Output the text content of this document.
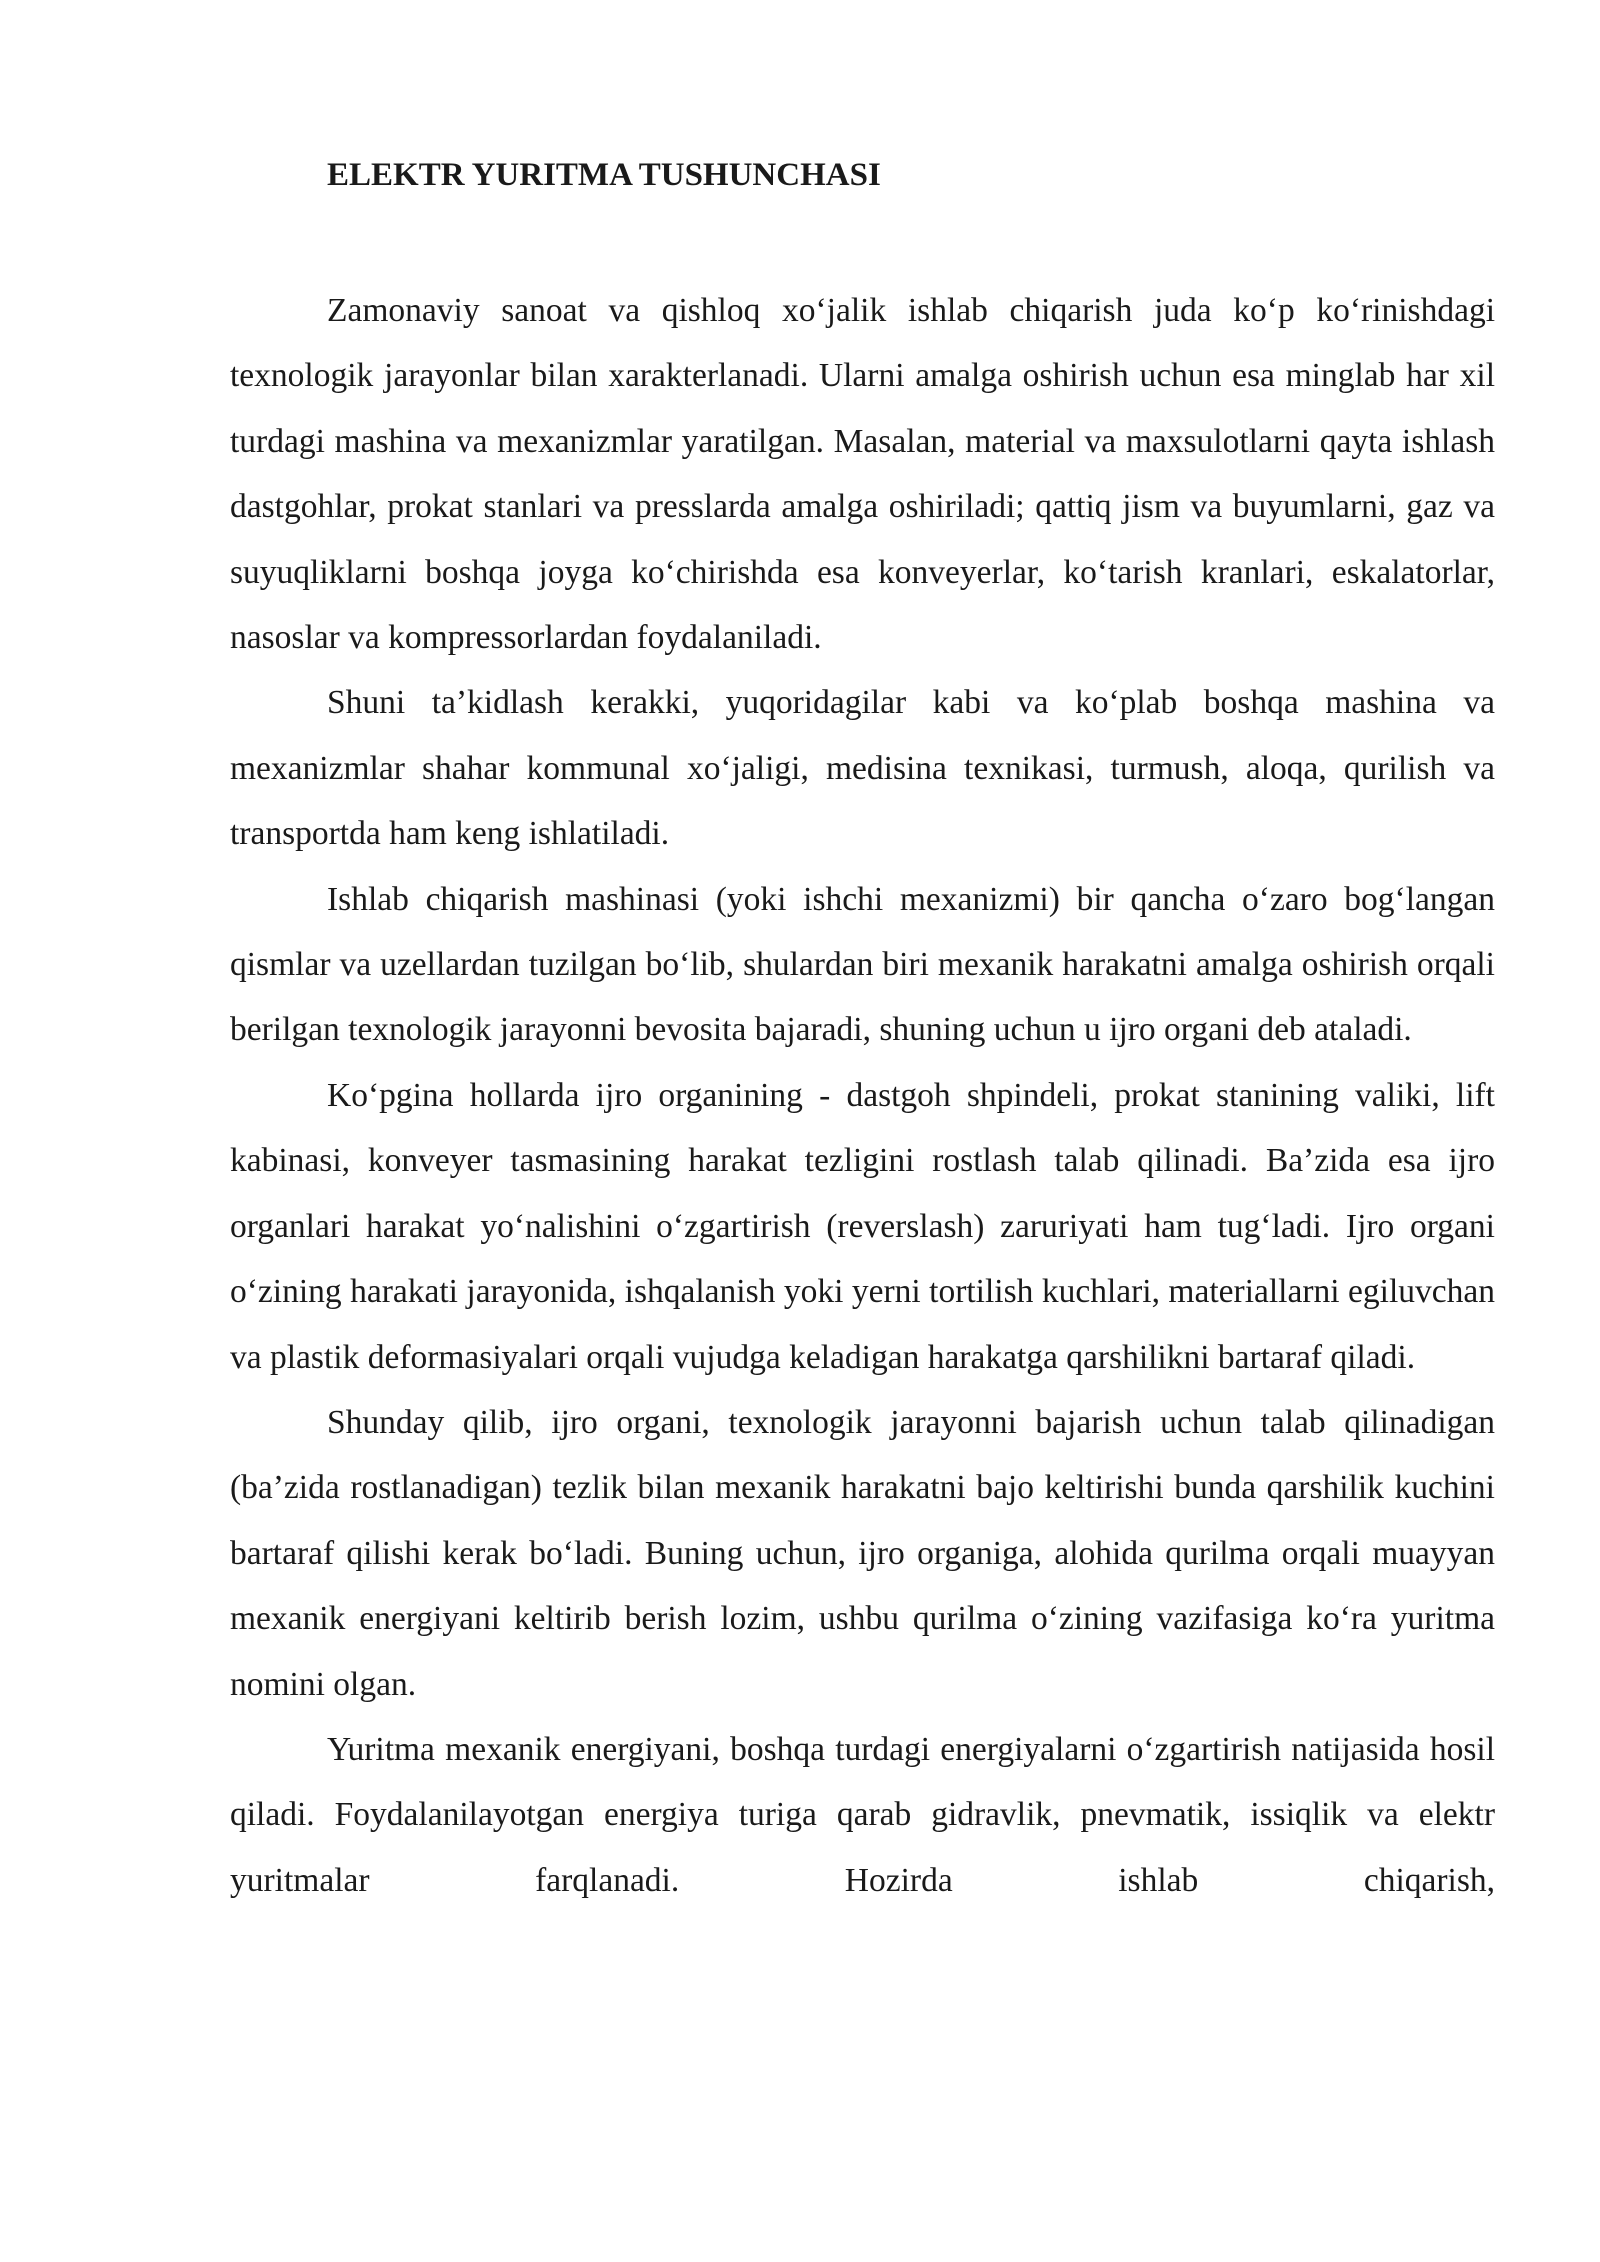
ELEKTR YURITMA TUSHUNCHASI

Zamonaviy sanoat va qishloq xoʻjalik ishlab chiqarish juda koʻp koʻrinishdagi texnologik jarayonlar bilan xarakterlanadi. Ularni amalga oshirish uchun esa minglab har xil turdagi mashina va mexanizmlar yaratilgan. Masalan, material va maxsulotlarni qayta ishlash dastgohlar, prokat stanlari va presslarda amalga oshiriladi; qattiq jism va buyumlarni, gaz va suyuqliklarni boshqa joyga koʻchirishda esa konveyerlar, koʻtarish kranlari, eskalatorlar, nasoslar va kompressorlardan foydalaniladi.

Shuni ta’kidlash kerakki, yuqoridagilar kabi va koʻplab boshqa mashina va mexanizmlar shahar kommunal xoʻjaligi, medisina texnikasi, turmush, aloqa, qurilish va transportda ham keng ishlatiladi.

Ishlab chiqarish mashinasi (yoki ishchi mexanizmi) bir qancha oʻzaro bogʻlangan qismlar va uzellardan tuzilgan boʻlib, shulardan biri mexanik harakatni amalga oshirish orqali berilgan texnologik jarayonni bevosita bajaradi, shuning uchun u ijro organi deb ataladi.

Koʻpgina hollarda ijro organining - dastgoh shpindeli, prokat stanining valiki, lift kabinasi, konveyer tasmasining harakat tezligini rostlash talab qilinadi. Ba’zida esa ijro organlari harakat yoʻnalishini oʻzgartirish (reverslash) zaruriyati ham tugʻladi. Ijro organi oʻzining harakati jarayonida, ishqalanish yoki yerni tortilish kuchlari, materiallarni egiluvchan va plastik deformasiyalari orqali vujudga keladigan harakatga qarshilikni bartaraf qiladi.

Shunday qilib, ijro organi, texnologik jarayonni bajarish uchun talab qilinadigan (ba’zida rostlanadigan) tezlik bilan mexanik harakatni bajo keltirishi bunda qarshilik kuchini bartaraf qilishi kerak boʻladi. Buning uchun, ijro organiga, alohida qurilma orqali muayyan mexanik energiyani keltirib berish lozim, ushbu qurilma oʻzining vazifasiga koʻra yuritma nomini olgan.

Yuritma mexanik energiyani, boshqa turdagi energiyalarni oʻzgartirish natijasida hosil qiladi. Foydalanilayotgan energiya turiga qarab gidravlik, pnevmatik, issiqlik va elektr yuritmalar farqlanadi. Hozirda ishlab chiqarish,
